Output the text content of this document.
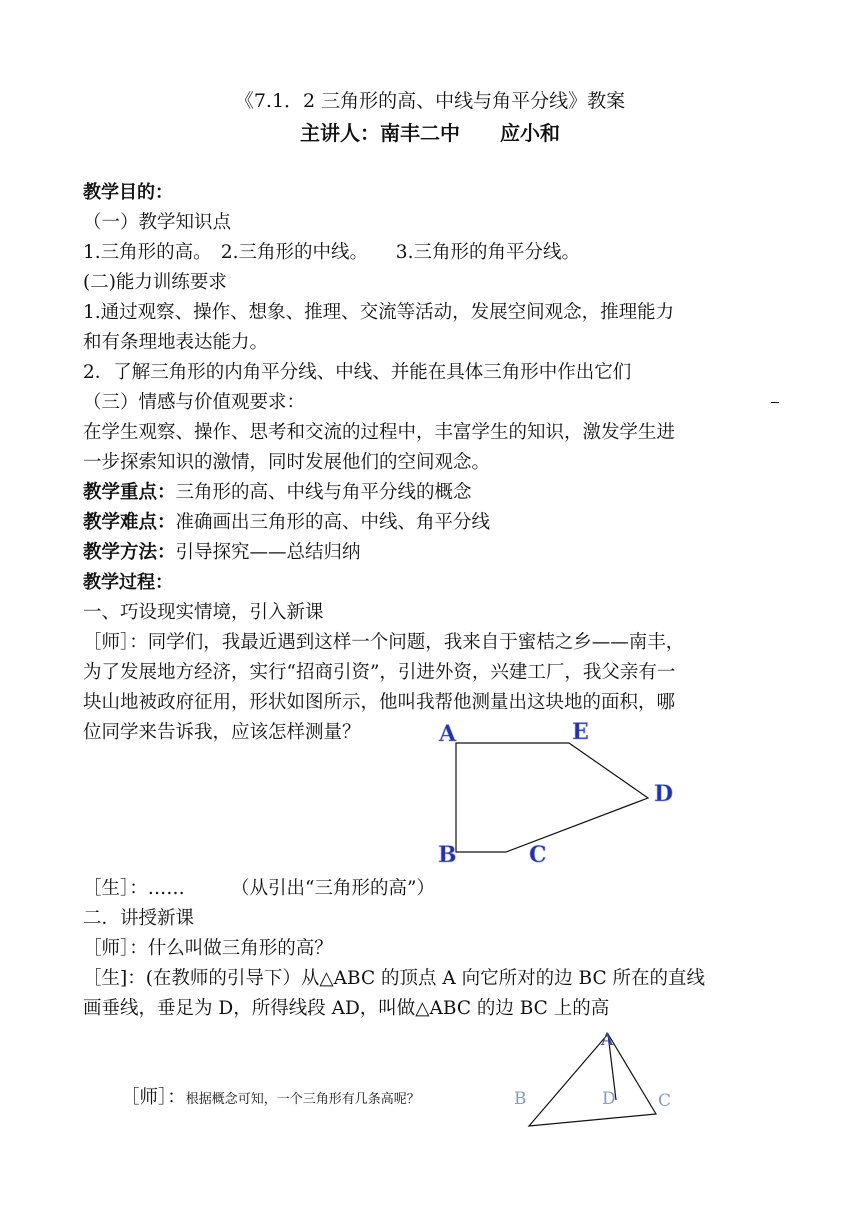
《7.1．2 三角形的高、中线与角平分线》教案
主讲人：南丰二中　　应小和
教学目的：
（一）教学知识点
1.三角形的高。　2.三角形的中线。　　3.三角形的角平分线。
(二)能力训练要求
1.通过观察、操作、想象、推理、交流等活动，发展空间观念，推理能力
和有条理地表达能力。
2．了解三角形的内角平分线、中线、并能在具体三角形中作出它们
（三）情感与价值观要求：
在学生观察、操作、思考和交流的过程中，丰富学生的知识，激发学生进
一步探索知识的激情，同时发展他们的空间观念。
教学重点：三角形的高、中线与角平分线的概念
教学难点：准确画出三角形的高、中线、角平分线
教学方法：引导探究——总结归纳
教学过程：
一、巧设现实情境，引入新课
［师］：同学们，我最近遇到这样一个问题，我来自于蜜桔之乡——南丰，
为了发展地方经济，实行“招商引资”，引进外资，兴建工厂，我父亲有一
块山地被政府征用，形状如图所示，他叫我帮他测量出这块地的面积，哪
位同学来告诉我，应该怎样测量？	A	E
D
B	C
［生］：……　　　（从引出“三角形的高”）
二．讲授新课
［师］：什么叫做三角形的高？
［生]：(在教师的引导下）从△ABC 的顶点 A 向它所对的边 BC 所在的直线
画垂线，垂足为 D，所得线段 AD，叫做△ABC 的边 BC 上的高
A
B	D C
［师］：根据概念可知，一个三角形有几条高呢？
